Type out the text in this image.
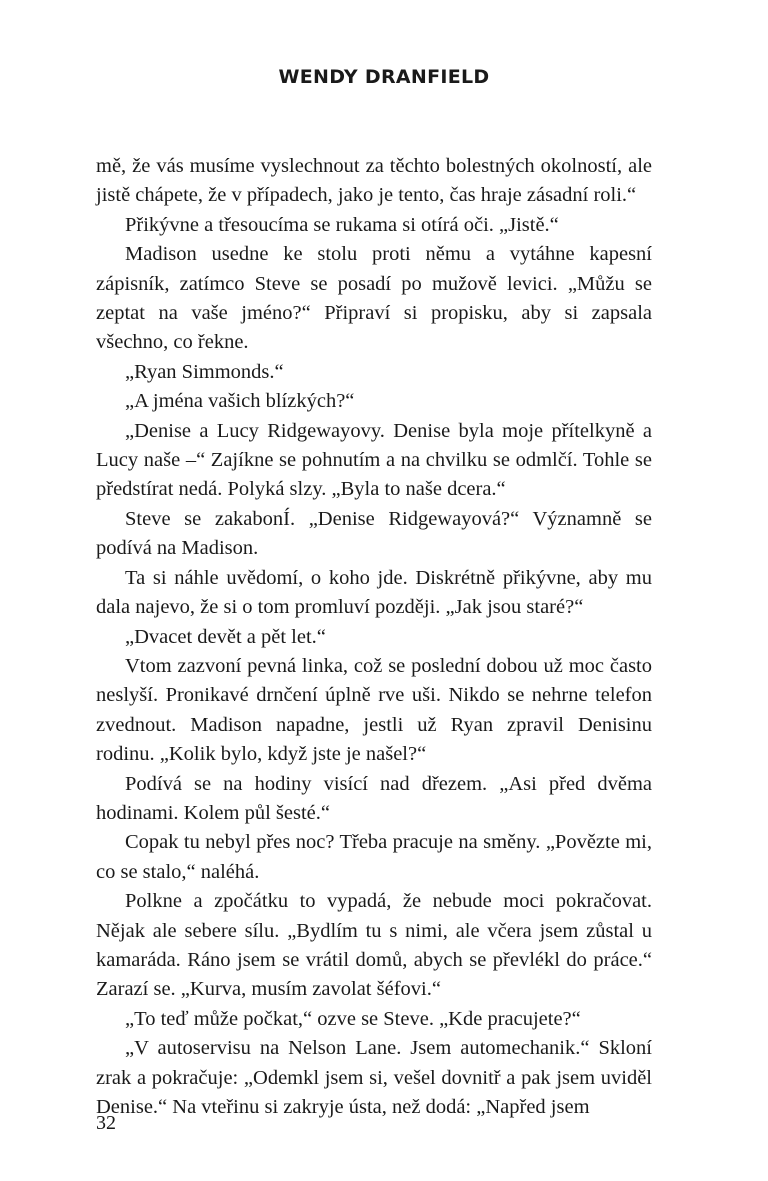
WENDY DRANFIELD

mě, že vás musíme vyslechnout za těchto bolestných okolností, ale jistě chápete, že v případech, jako je tento, čas hraje zásadní roli.“

Přikývne a třesoucíma se rukama si otírá oči. „Jistě.“

Madison usedne ke stolu proti němu a vytáhne kapesní zápisník, zatímco Steve se posadí po mužově levici. „Můžu se zeptat na vaše jméno?“ Připraví si propisku, aby si zapsala všechno, co řekne.

„Ryan Simmonds.“

„A jména vašich blízkých?“

„Denise a Lucy Ridgewayovy. Denise byla moje přítelkyně a Lucy naše –“ Zajíkne se pohnutím a na chvilku se odmlčí. Tohle se předstírat nedá. Polyká slzy. „Byla to naše dcera.“

Steve se zakabonÍ. „Denise Ridgewayová?“ Významně se podívá na Madison.

Ta si náhle uvědomí, o koho jde. Diskrétně přikývne, aby mu dala najevo, že si o tom promluví později. „Jak jsou staré?“

„Dvacet devět a pět let.“

Vtom zazvoní pevná linka, což se poslední dobou už moc často neslyší. Pronikavé drnčení úplně rve uši. Nikdo se nehrne telefon zvednout. Madison napadne, jestli už Ryan zpravil Denisinu rodinu. „Kolik bylo, když jste je našel?“

Podívá se na hodiny visící nad dřezem. „Asi před dvěma hodinami. Kolem půl šesté.“

Copak tu nebyl přes noc? Třeba pracuje na směny. „Povězte mi, co se stalo,“ naléhá.

Polkne a zpočátku to vypadá, že nebude moci pokračovat. Nějak ale sebere sílu. „Bydlím tu s nimi, ale včera jsem zůstal u kamaráda. Ráno jsem se vrátil domů, abych se převlékl do práce.“ Zarazí se. „Kurva, musím zavolat šéfovi.“

„To teď může počkat,“ ozve se Steve. „Kde pracujete?“

„V autoservisu na Nelson Lane. Jsem automechanik.“ Skloní zrak a pokračuje: „Odemkl jsem si, vešel dovnitř a pak jsem uviděl Denise.“ Na vteřinu si zakryje ústa, než dodá: „Napřed jsem

32
